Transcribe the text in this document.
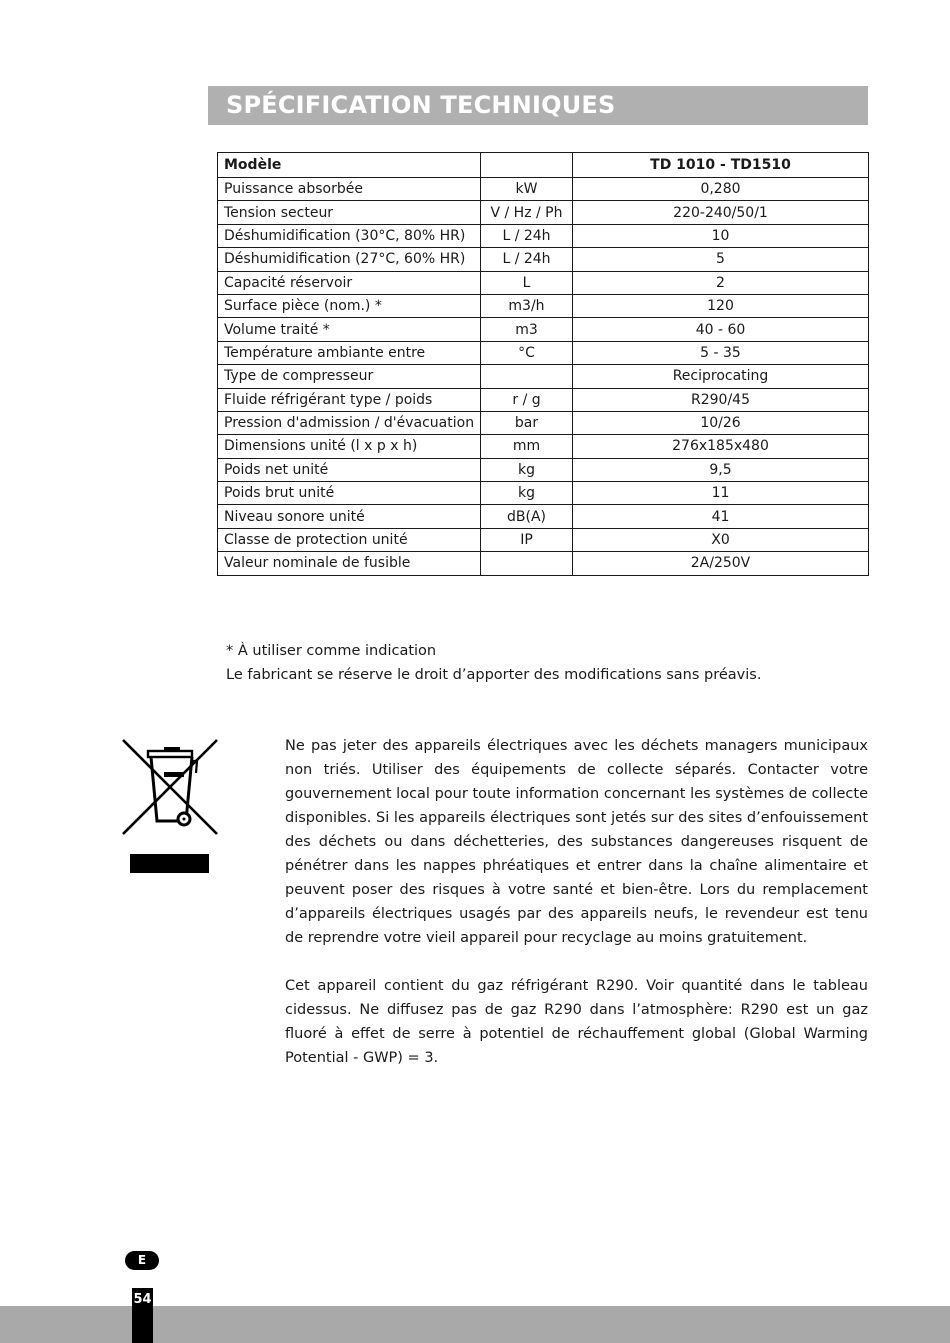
SPÉCIFICATION TECHNIQUES
Modèle		TD 1010 - TD1510
Puissance absorbée	kW	0,280
Tension secteur	V / Hz / Ph	220-240/50/1
Déshumidification (30°C, 80% HR)	L / 24h	10
Déshumidification (27°C, 60% HR)	L / 24h	5
Capacité réservoir	L	2
Surface pièce (nom.) *	m3/h	120
Volume traité *	m3	40 - 60
Température ambiante entre	°C	5 - 35
Type de compresseur		Reciprocating
Fluide réfrigérant type / poids	r / g	R290/45
Pression d'admission / d'évacuation	bar	10/26
Dimensions unité (l x p x h)	mm	276x185x480
Poids net unité	kg	9,5
Poids brut unité	kg	11
Niveau sonore unité	dB(A)	41
Classe de protection unité	IP	X0
Valeur nominale de fusible		2A/250V

* À utiliser comme indication

Le fabricant se réserve le droit d’apporter des modifications sans préavis.

Ne pas jeter des appareils électriques avec les déchets managers municipaux non triés. Utiliser des équipements de collecte séparés. Contacter votre gouvernement local pour toute information concernant les systèmes de collecte disponibles. Si les appareils électriques sont jetés sur des sites d’enfouissement des déchets ou dans déchetteries, des substances dangereuses risquent de pénétrer dans les nappes phréatiques et entrer dans la chaîne alimentaire et peuvent poser des risques à votre santé et bien-être. Lors du remplacement d’appareils électriques usagés par des appareils neufs, le revendeur est tenu de reprendre votre vieil appareil pour recyclage au moins gratuitement.

Cet appareil contient du gaz réfrigérant R290. Voir quantité dans le tableau cidessus. Ne diffusez pas de gaz R290 dans l’atmosphère: R290 est un gaz fluoré à effet de serre à potentiel de réchauffement global (Global Warming Potential - GWP) = 3.

E
54
